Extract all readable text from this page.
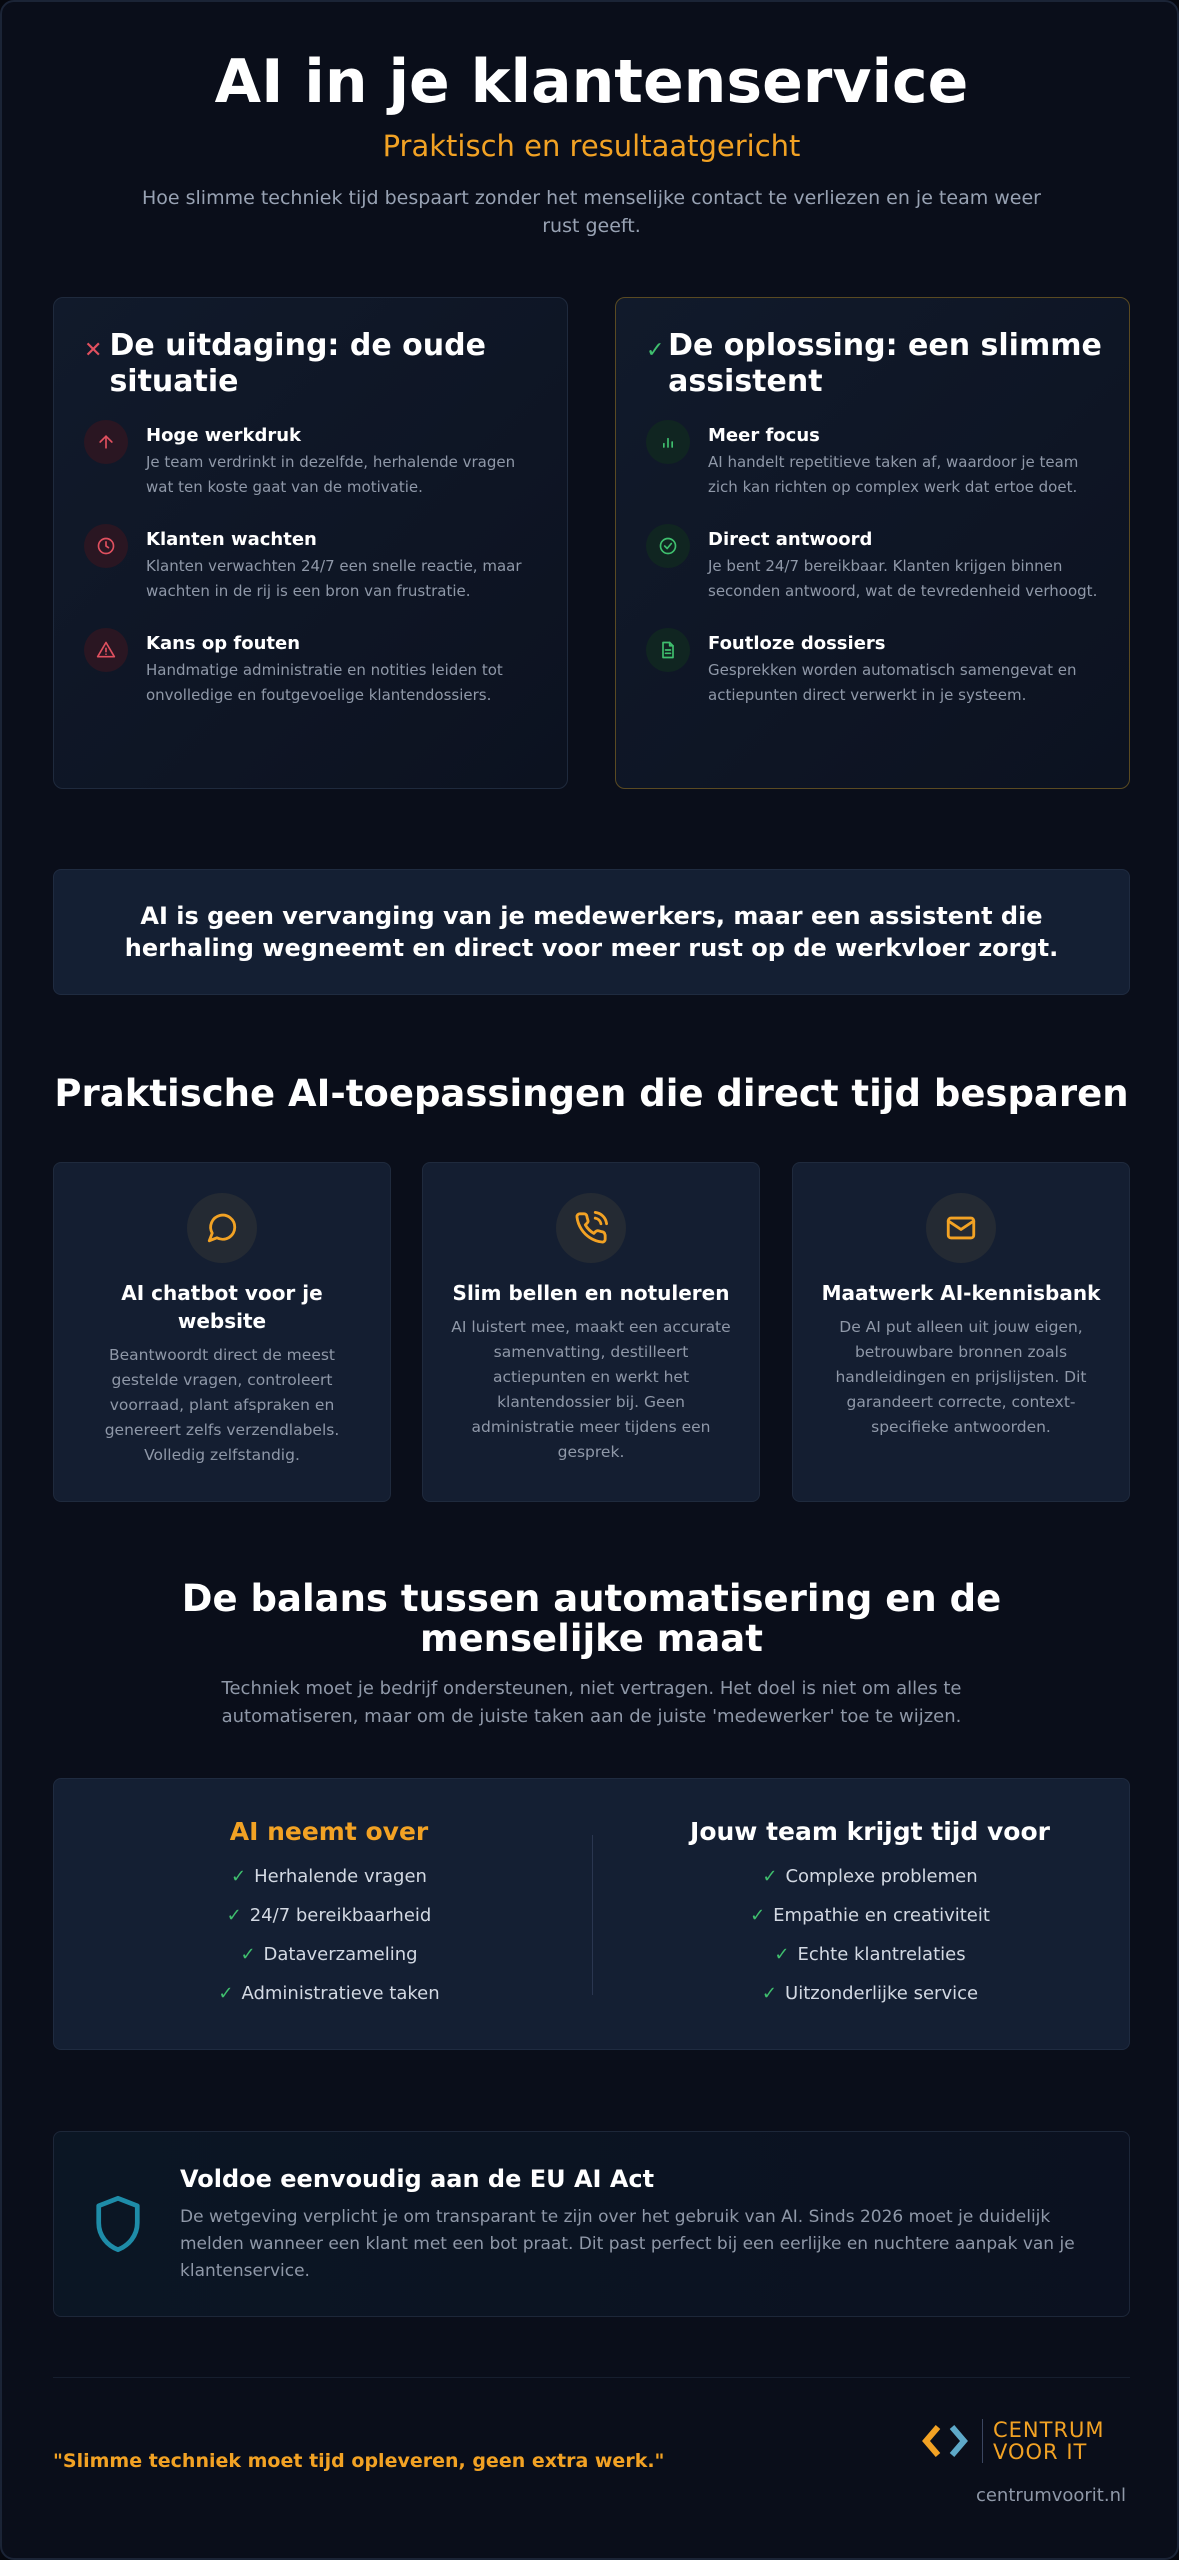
AI in je klantenservice
Praktisch en resultaatgericht
Hoe slimme techniek tijd bespaart zonder het menselijke contact te verliezen en je team weer rust geeft.
✕ De uitdaging: de oude situatie
Hoge werkdruk

Je team verdrinkt in dezelfde, herhalende vragen wat ten koste gaat van de motivatie.

Klanten wachten

Klanten verwachten 24/7 een snelle reactie, maar wachten in de rij is een bron van frustratie.

Kans op fouten

Handmatige administratie en notities leiden tot onvolledige en foutgevoelige klantendossiers.

✓ De oplossing: een slimme assistent
Meer focus

AI handelt repetitieve taken af, waardoor je team zich kan richten op complex werk dat ertoe doet.

Direct antwoord

Je bent 24/7 bereikbaar. Klanten krijgen binnen seconden antwoord, wat de tevredenheid verhoogt.

Foutloze dossiers

Gesprekken worden automatisch samengevat en actiepunten direct verwerkt in je systeem.

AI is geen vervanging van je medewerkers, maar een assistent die herhaling wegneemt en direct voor meer rust op de werkvloer zorgt.
Praktische AI-toepassingen die direct tijd besparen
AI chatbot voor je website

Beantwoordt direct de meest gestelde vragen, controleert voorraad, plant afspraken en genereert zelfs verzendlabels. Volledig zelfstandig.

Slim bellen en notuleren

AI luistert mee, maakt een accurate samenvatting, destilleert actiepunten en werkt het klantendossier bij. Geen administratie meer tijdens een gesprek.

Maatwerk AI-kennisbank

De AI put alleen uit jouw eigen, betrouwbare bronnen zoals handleidingen en prijslijsten. Dit garandeert correcte, context-specifieke antwoorden.

De balans tussen automatisering en de menselijke maat
Techniek moet je bedrijf ondersteunen, niet vertragen. Het doel is niet om alles te automatiseren, maar om de juiste taken aan de juiste 'medewerker' toe te wijzen.
AI neemt over
✓ Herhalende vragen
✓ 24/7 bereikbaarheid
✓ Dataverzameling
✓ Administratieve taken
Jouw team krijgt tijd voor
✓ Complexe problemen
✓ Empathie en creativiteit
✓ Echte klantrelaties
✓ Uitzonderlijke service
Voldoe eenvoudig aan de EU AI Act

De wetgeving verplicht je om transparant te zijn over het gebruik van AI. Sinds 2026 moet je duidelijk melden wanneer een klant met een bot praat. Dit past perfect bij een eerlijke en nuchtere aanpak van je klantenservice.

"Slimme techniek moet tijd opleveren, geen extra werk."
CENTRUM
VOOR IT
centrumvoorit.nl
